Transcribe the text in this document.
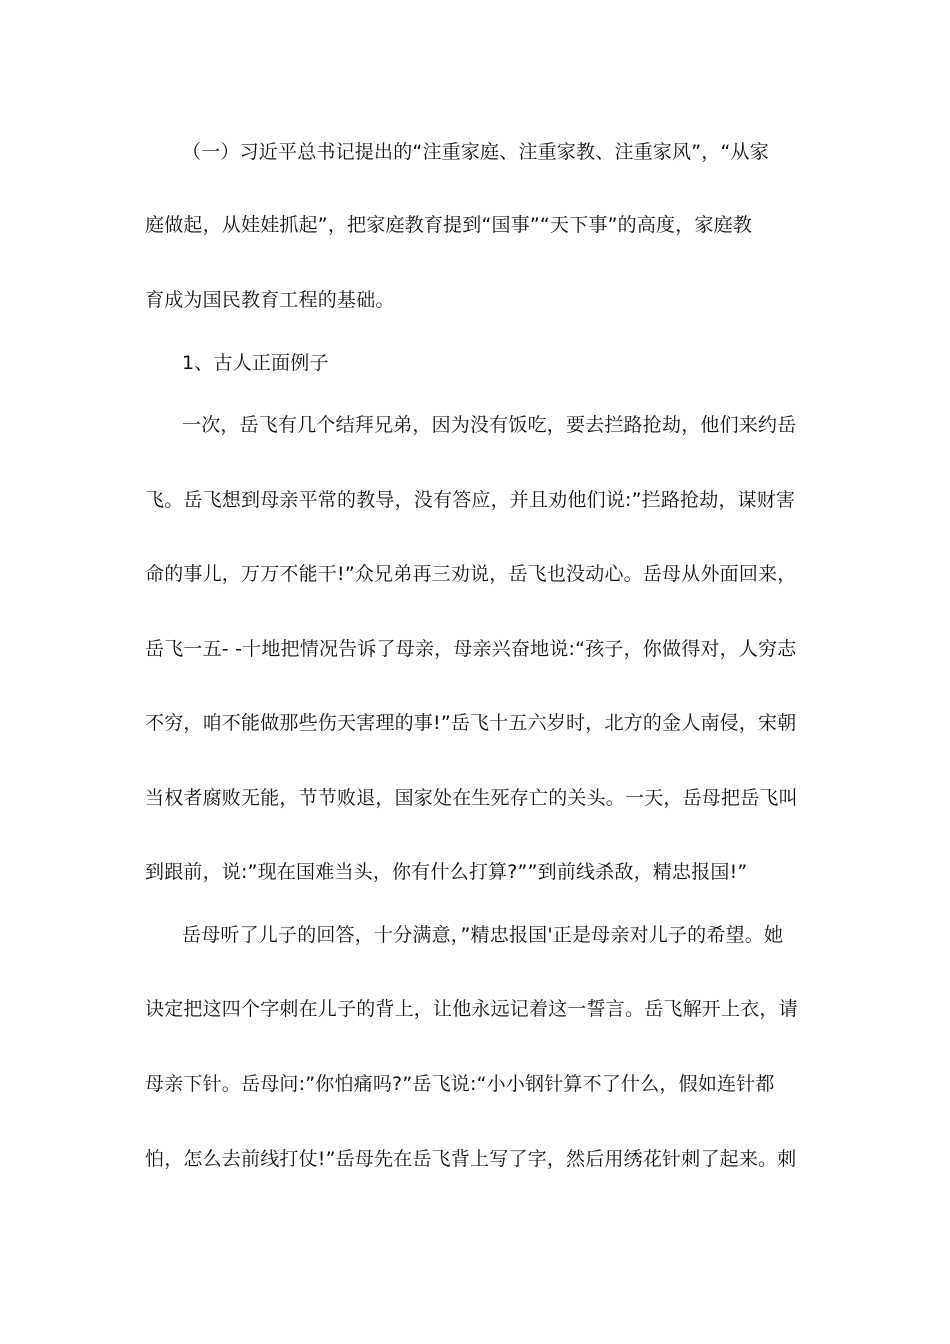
（一）习近平总书记提出的“注重家庭、注重家教、注重家风”，“从家
庭做起，从娃娃抓起”，把家庭教育提到“国事”“天下事”的高度，家庭教
育成为国民教育工程的基础。
1、古人正面例子
一次，岳飞有几个结拜兄弟，因为没有饭吃，要去拦路抢劫，他们来约岳
飞。岳飞想到母亲平常的教导，没有答应，并且劝他们说:”拦路抢劫，谋财害
命的事儿，万万不能干!”众兄弟再三劝说，岳飞也没动心。岳母从外面回来，
岳飞一五- -十地把情况告诉了母亲，母亲兴奋地说:“孩子，你做得对，人穷志
不穷，咱不能做那些伤天害理的事!”岳飞十五六岁时，北方的金人南侵，宋朝
当权者腐败无能，节节败退，国家处在生死存亡的关头。一天，岳母把岳飞叫
到跟前，说:”现在国难当头，你有什么打算?””到前线杀敌，精忠报国!”
岳母听了儿子的回答，十分满意，”精忠报国'正是母亲对儿子的希望。她
诀定把这四个字刺在儿子的背上，让他永远记着这一誓言。岳飞解开上衣，请
母亲下针。岳母问:”你怕痛吗?”岳飞说:“小小钢针算不了什么，假如连针都
怕，怎么去前线打仗!”岳母先在岳飞背上写了字，然后用绣花针刺了起来。刺
